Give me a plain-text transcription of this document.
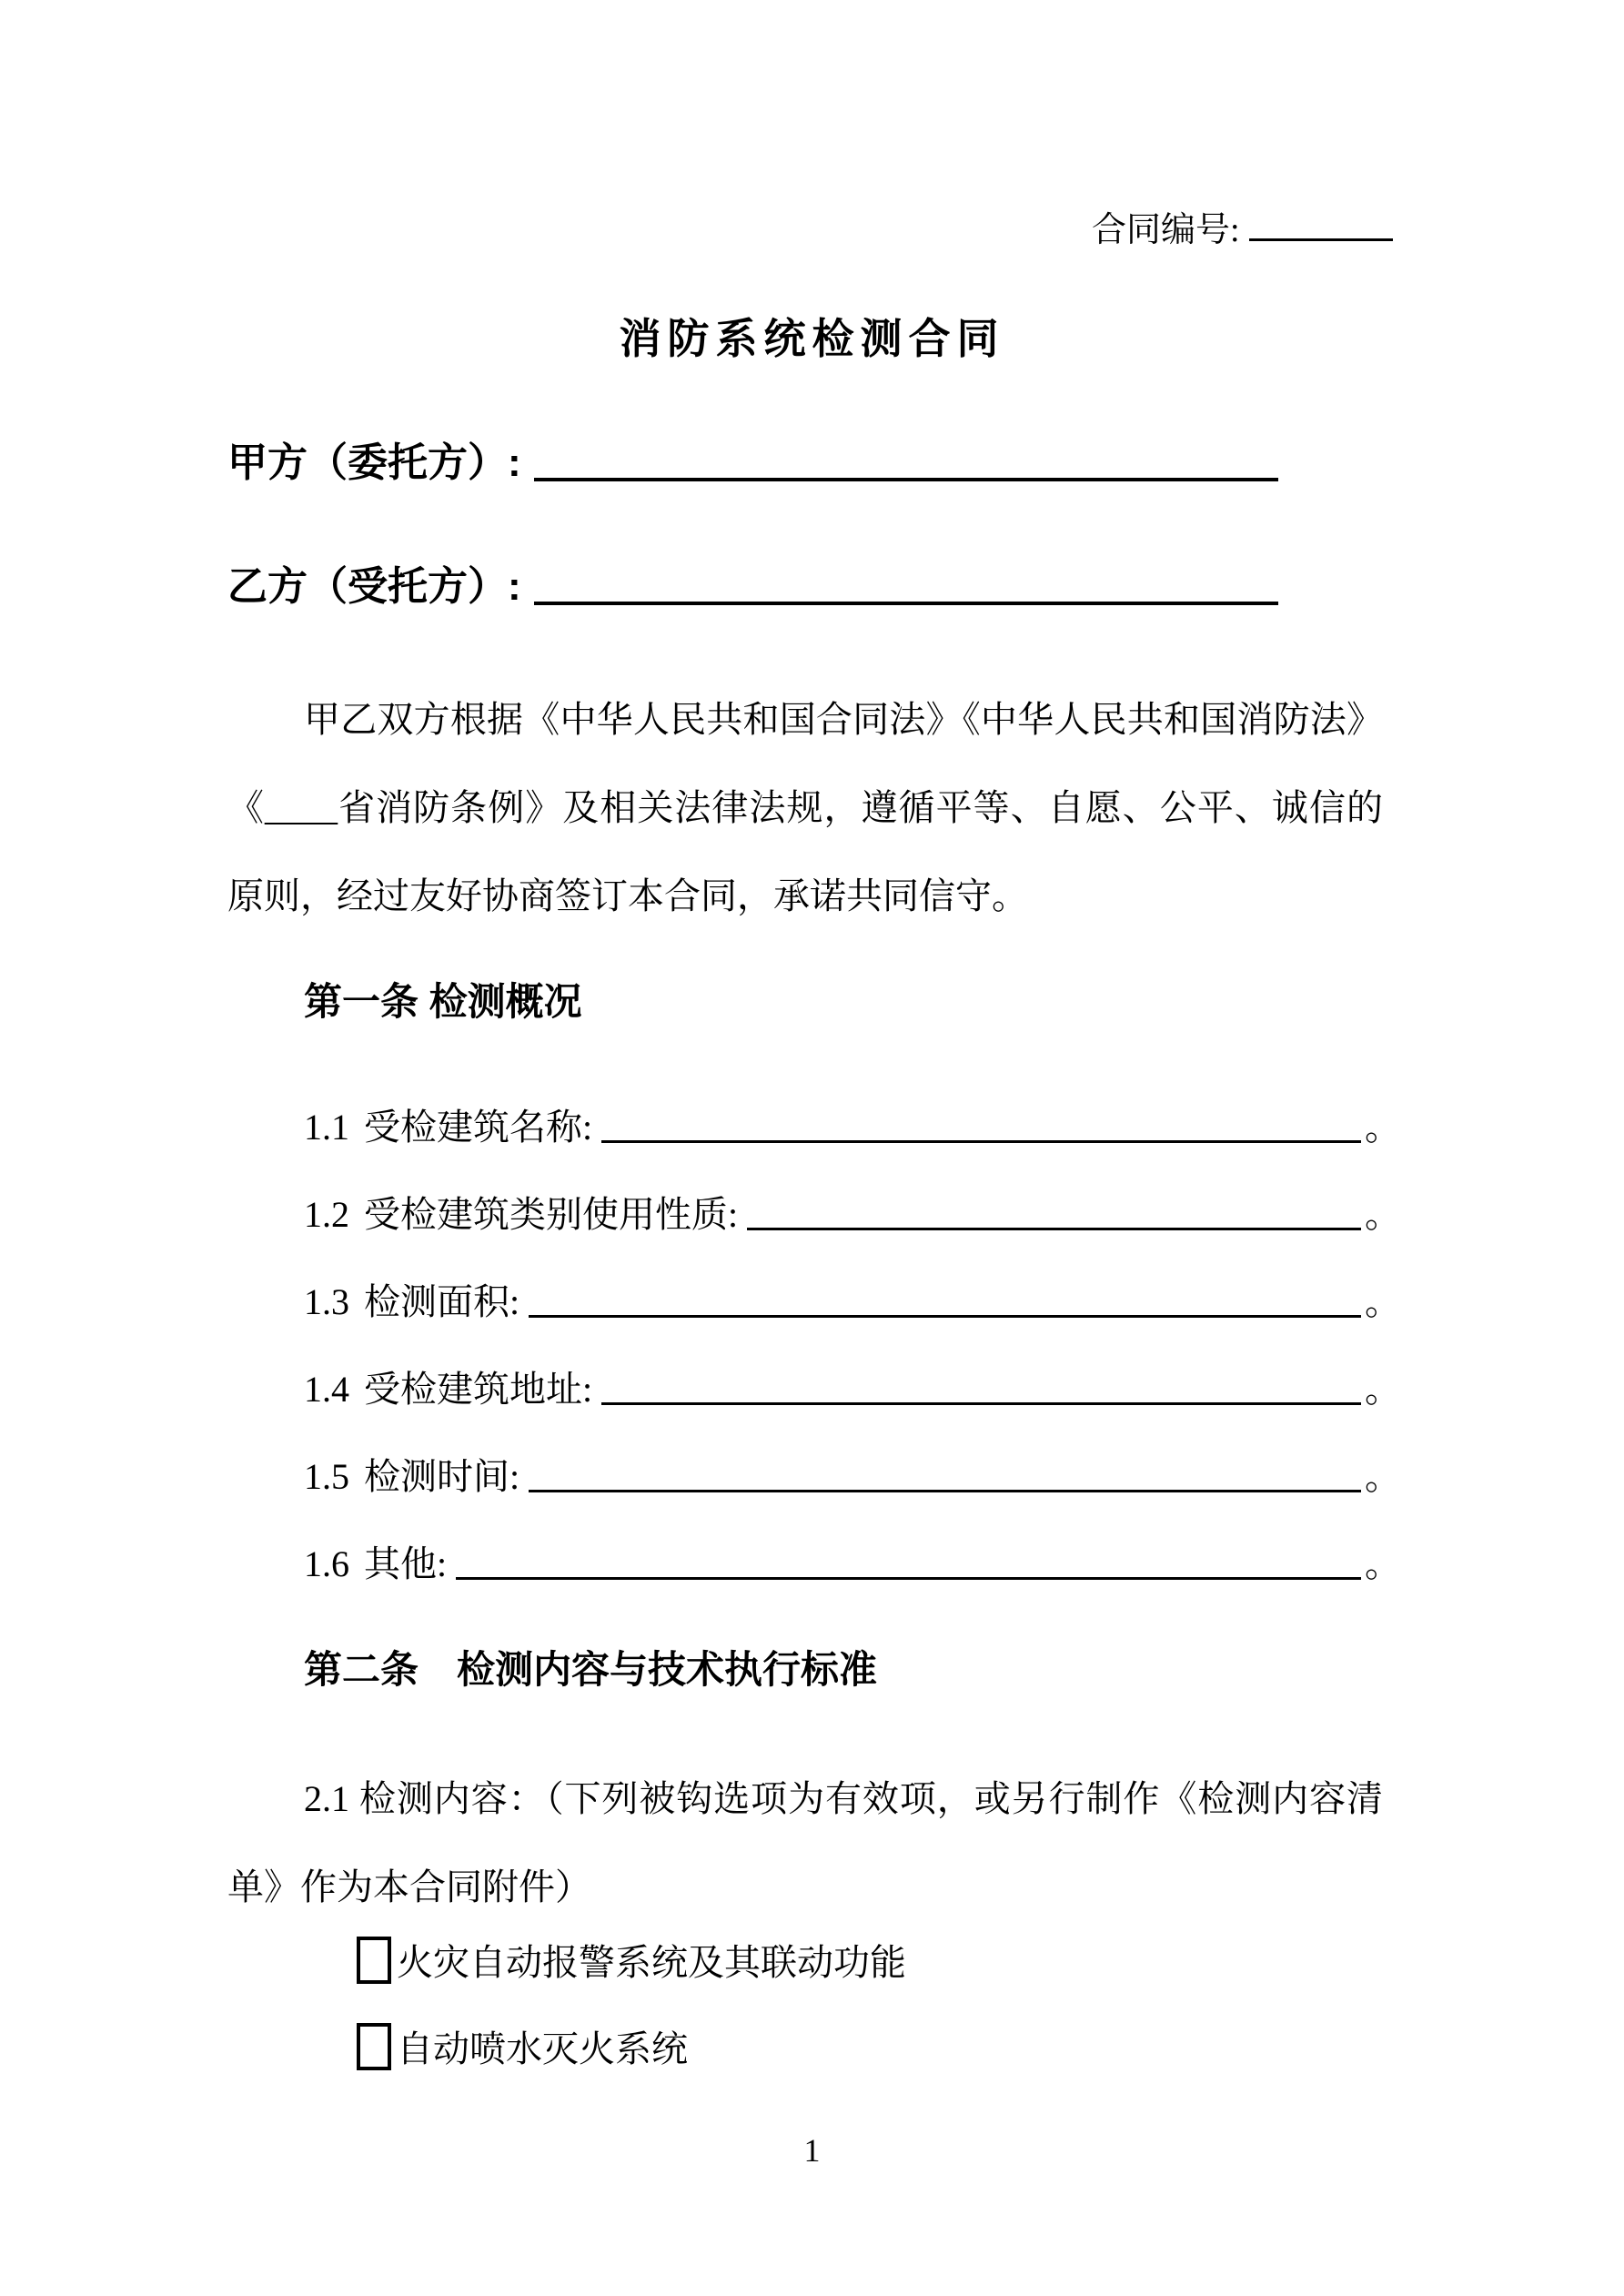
合同编号:
消防系统检测合同
甲方（委托方）:
乙方（受托方）:
甲乙双方根据《中华人民共和国合同法》《中华人民共和国消防法》《____省消防条例》及相关法律法规，遵循平等、自愿、公平、诚信的原则，经过友好协商签订本合同，承诺共同信守。
第一条 检测概况
1.1 受检建筑名称:	。
1.2 受检建筑类别使用性质:	。
1.3 检测面积:	。
1.4 受检建筑地址:	。
1.5 检测时间:	。
1.6 其他:	。
第二条　检测内容与技术执行标准
2.1 检测内容：（下列被钩选项为有效项，或另行制作《检测内容清单》作为本合同附件）
火灾自动报警系统及其联动功能
自动喷水灭火系统
1
